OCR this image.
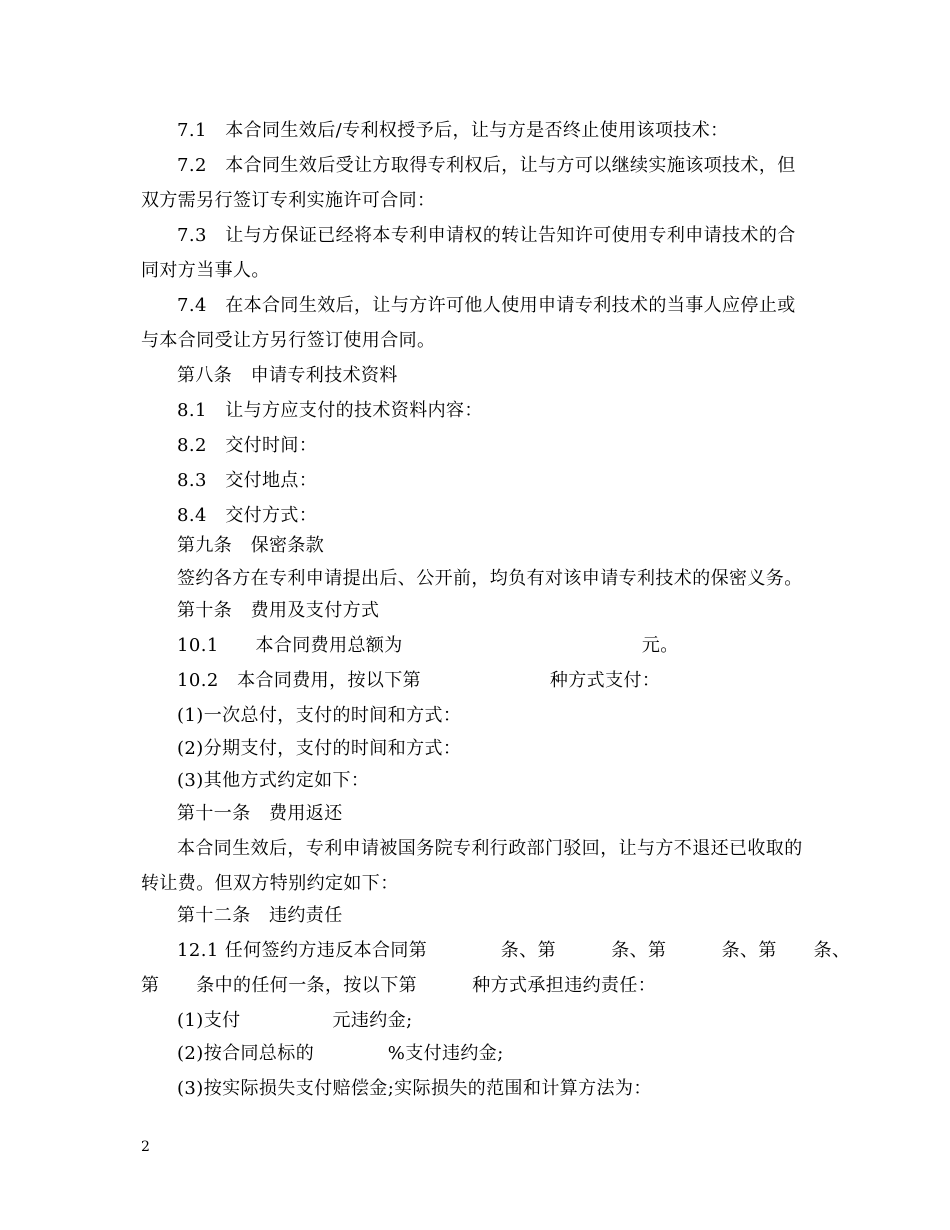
7.1　本合同生效后/专利权授予后，让与方是否终止使用该项技术：
7.2　本合同生效后受让方取得专利权后，让与方可以继续实施该项技术，但
双方需另行签订专利实施许可合同：
7.3　让与方保证已经将本专利申请权的转让告知许可使用专利申请技术的合
同对方当事人。
7.4　在本合同生效后，让与方许可他人使用申请专利技术的当事人应停止或
与本合同受让方另行签订使用合同。
第八条　申请专利技术资料
8.1　让与方应支付的技术资料内容：
8.2　交付时间：
8.3　交付地点：
8.4　交付方式：
第九条　保密条款
签约各方在专利申请提出后、公开前，均负有对该申请专利技术的保密义务。
第十条　费用及支付方式
10.1　　本合同费用总额为　　　　　　　　　　　　　元。
10.2　本合同费用，按以下第　　　　　　　种方式支付：
(1)一次总付，支付的时间和方式：
(2)分期支付，支付的时间和方式：
(3)其他方式约定如下：
第十一条　费用返还
本合同生效后，专利申请被国务院专利行政部门驳回，让与方不退还已收取的
转让费。但双方特别约定如下：
第十二条　违约责任
12.1 任何签约方违反本合同第　　　　条、第　　　条、第　　　条、第　　条、
第　　条中的任何一条，按以下第　　　种方式承担违约责任：
(1)支付　　　　　元违约金;
(2)按合同总标的　　　　%支付违约金;
(3)按实际损失支付赔偿金;实际损失的范围和计算方法为：
2
